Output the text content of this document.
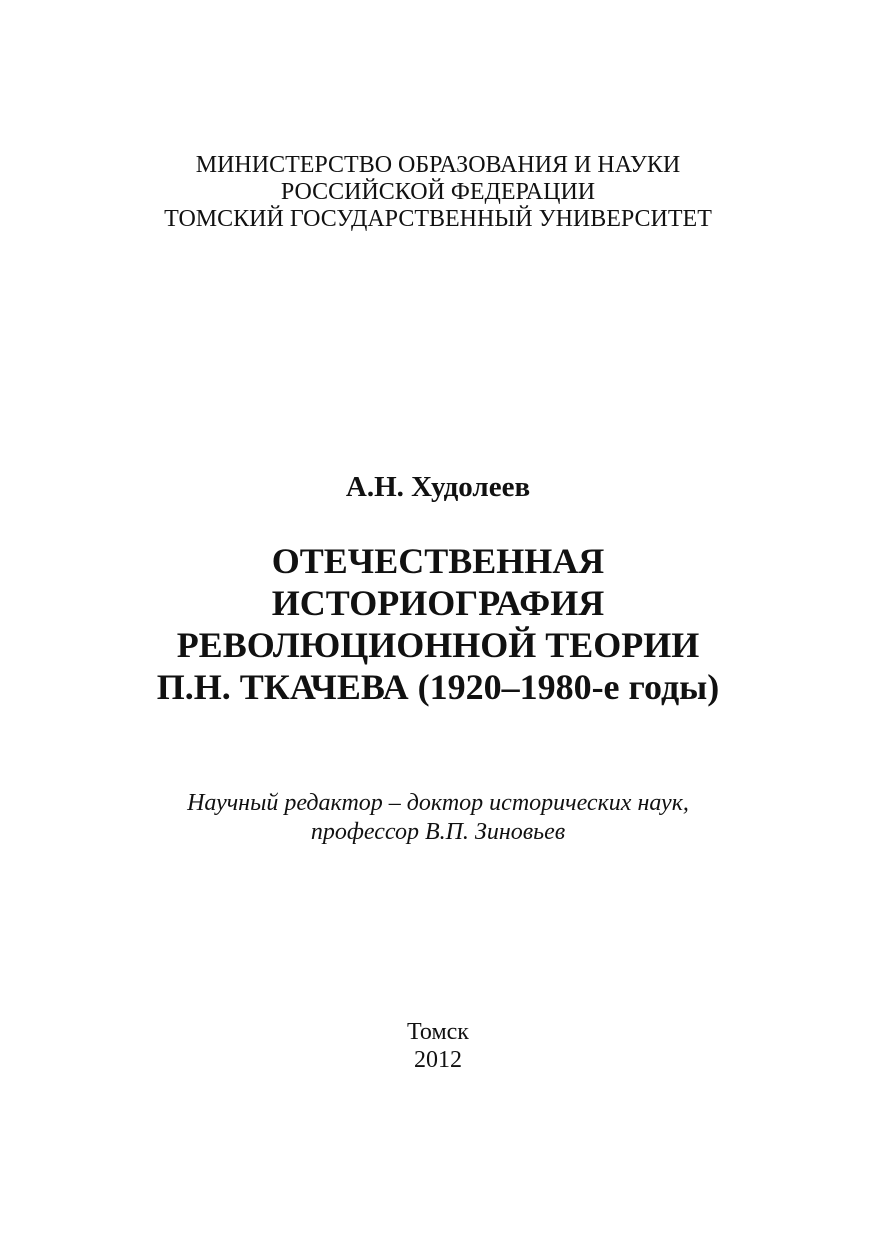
МИНИСТЕРСТВО ОБРАЗОВАНИЯ И НАУКИ
РОССИЙСКОЙ ФЕДЕРАЦИИ
ТОМСКИЙ ГОСУДАРСТВЕННЫЙ УНИВЕРСИТЕТ
А.Н. Худолеев
ОТЕЧЕСТВЕННАЯ
ИСТОРИОГРАФИЯ
РЕВОЛЮЦИОННОЙ ТЕОРИИ
П.Н. ТКАЧЕВА (1920–1980-е годы)
Научный редактор – доктор исторических наук,
профессор В.П. Зиновьев
Томск
2012
